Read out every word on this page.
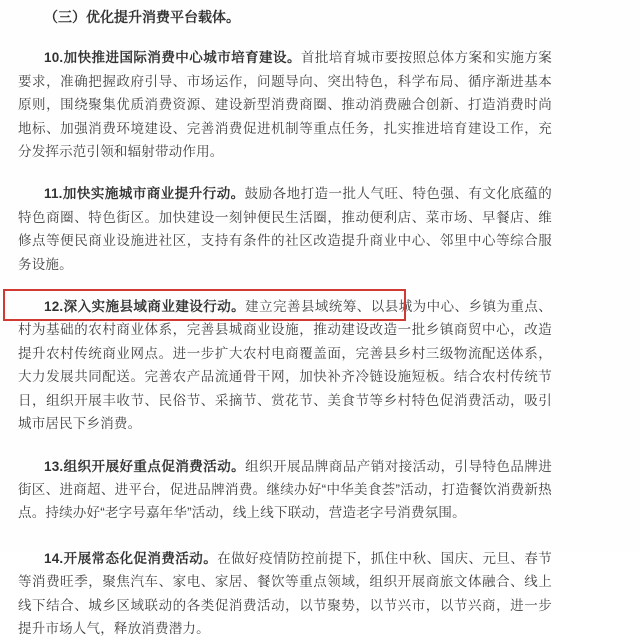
（三）优化提升消费平台载体。

10.加快推进国际消费中心城市培育建设。首批培育城市要按照总体方案和实施方案要求，准确把握政府引导、市场运作，问题导向、突出特色，科学布局、循序渐进基本原则，围绕聚集优质消费资源、建设新型消费商圈、推动消费融合创新、打造消费时尚地标、加强消费环境建设、完善消费促进机制等重点任务，扎实推进培育建设工作，充分发挥示范引领和辐射带动作用。

11.加快实施城市商业提升行动。鼓励各地打造一批人气旺、特色强、有文化底蕴的特色商圈、特色街区。加快建设一刻钟便民生活圈，推动便利店、菜市场、早餐店、维修点等便民商业设施进社区，支持有条件的社区改造提升商业中心、邻里中心等综合服务设施。

12.深入实施县域商业建设行动。建立完善县域统筹、以县城为中心、乡镇为重点、村为基础的农村商业体系，完善县城商业设施，推动建设改造一批乡镇商贸中心，改造提升农村传统商业网点。进一步扩大农村电商覆盖面，完善县乡村三级物流配送体系，大力发展共同配送。完善农产品流通骨干网，加快补齐冷链设施短板。结合农村传统节日，组织开展丰收节、民俗节、采摘节、赏花节、美食节等乡村特色促消费活动，吸引城市居民下乡消费。

13.组织开展好重点促消费活动。组织开展品牌商品产销对接活动，引导特色品牌进街区、进商超、进平台，促进品牌消费。继续办好“中华美食荟”活动，打造餐饮消费新热点。持续办好“老字号嘉年华”活动，线上线下联动，营造老字号消费氛围。

14.开展常态化促消费活动。在做好疫情防控前提下，抓住中秋、国庆、元旦、春节等消费旺季，聚焦汽车、家电、家居、餐饮等重点领域，组织开展商旅文体融合、线上线下结合、城乡区域联动的各类促消费活动，以节聚势，以节兴市，以节兴商，进一步提升市场人气，释放消费潜力。
